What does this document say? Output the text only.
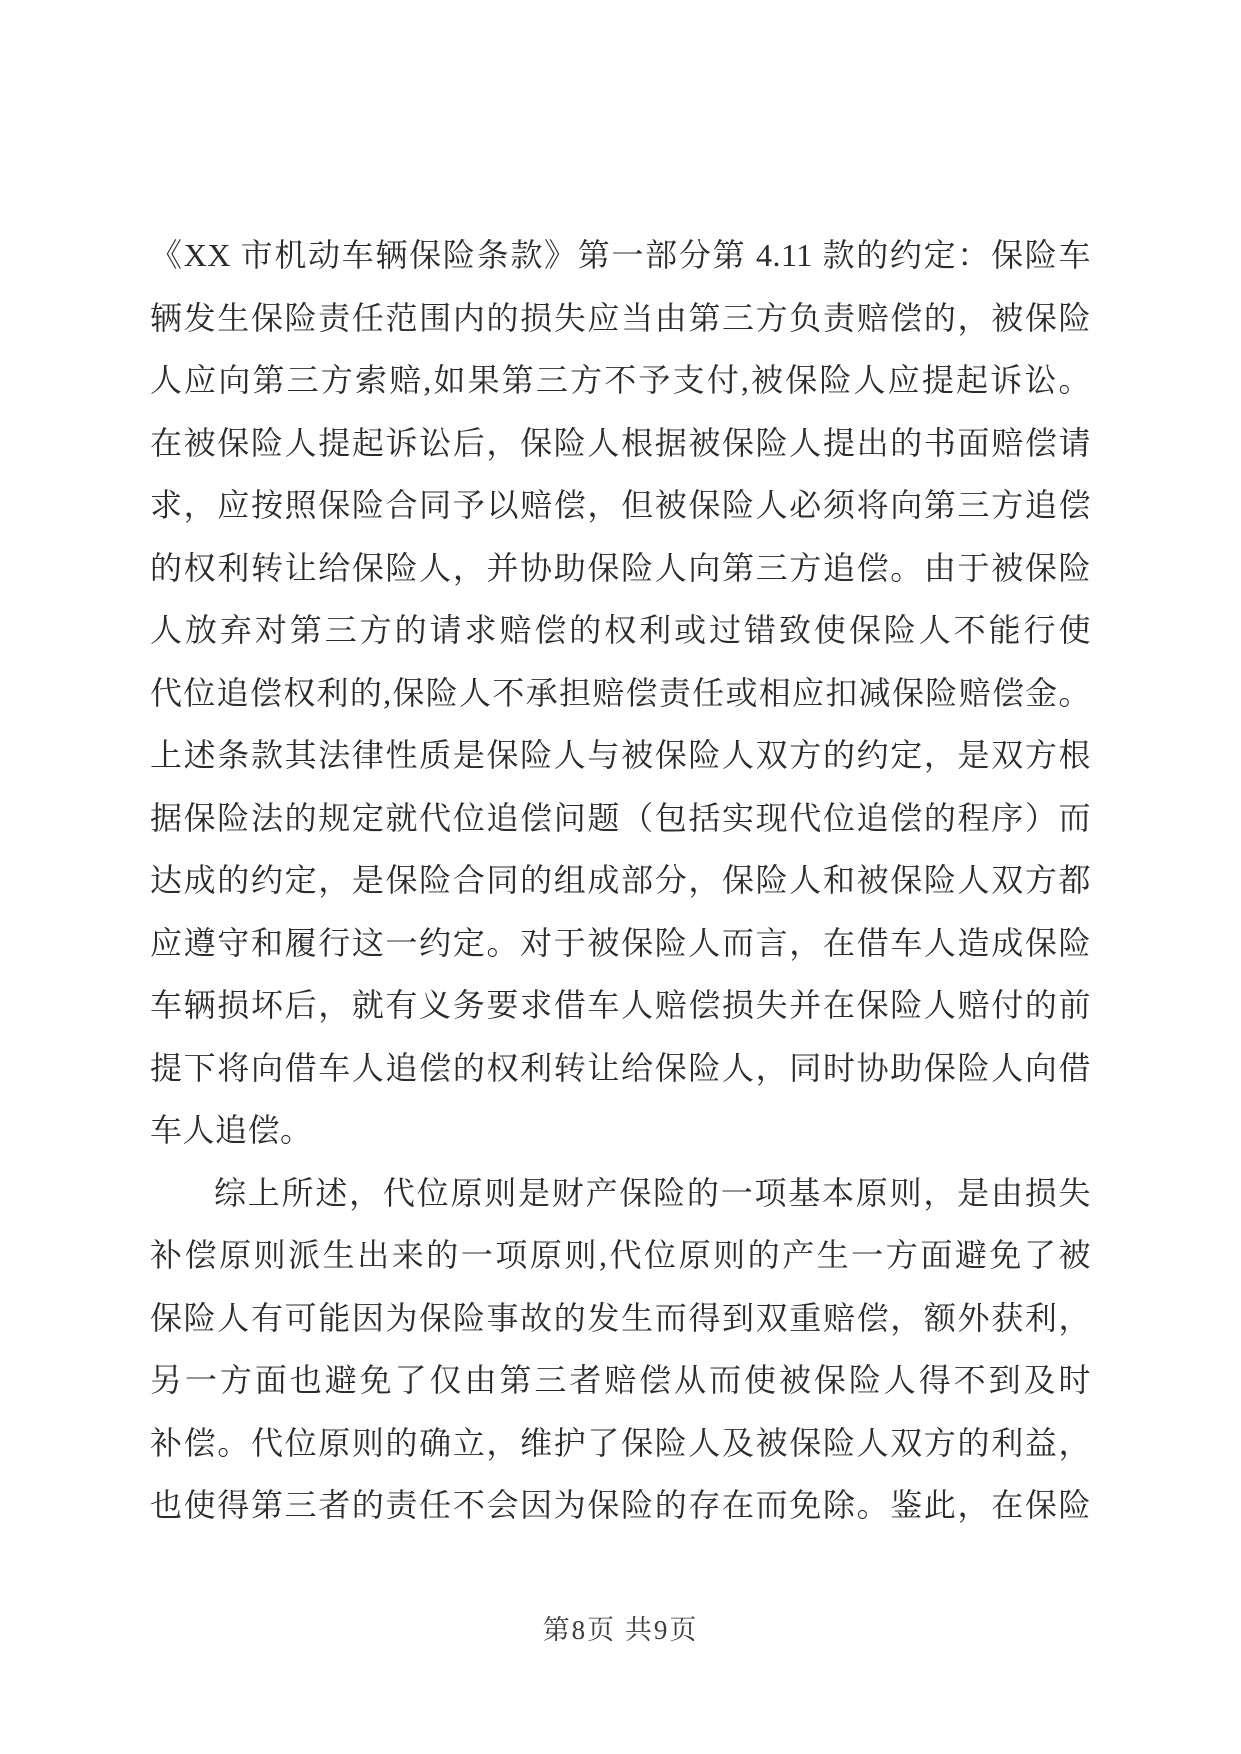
《XX 市机动车辆保险条款》第一部分第 4.11 款的约定：保险车

辆发生保险责任范围内的损失应当由第三方负责赔偿的，被保险

人应向第三方索赔,如果第三方不予支付,被保险人应提起诉讼。

在被保险人提起诉讼后，保险人根据被保险人提出的书面赔偿请

求，应按照保险合同予以赔偿，但被保险人必须将向第三方追偿

的权利转让给保险人，并协助保险人向第三方追偿。由于被保险

人放弃对第三方的请求赔偿的权利或过错致使保险人不能行使

代位追偿权利的,保险人不承担赔偿责任或相应扣减保险赔偿金。

上述条款其法律性质是保险人与被保险人双方的约定，是双方根

据保险法的规定就代位追偿问题（包括实现代位追偿的程序）而

达成的约定，是保险合同的组成部分，保险人和被保险人双方都

应遵守和履行这一约定。对于被保险人而言，在借车人造成保险

车辆损坏后，就有义务要求借车人赔偿损失并在保险人赔付的前

提下将向借车人追偿的权利转让给保险人，同时协助保险人向借

车人追偿。

综上所述，代位原则是财产保险的一项基本原则，是由损失

补偿原则派生出来的一项原则,代位原则的产生一方面避免了被

保险人有可能因为保险事故的发生而得到双重赔偿，额外获利，

另一方面也避免了仅由第三者赔偿从而使被保险人得不到及时

补偿。代位原则的确立，维护了保险人及被保险人双方的利益，

也使得第三者的责任不会因为保险的存在而免除。鉴此，在保险

第8页 共9页
